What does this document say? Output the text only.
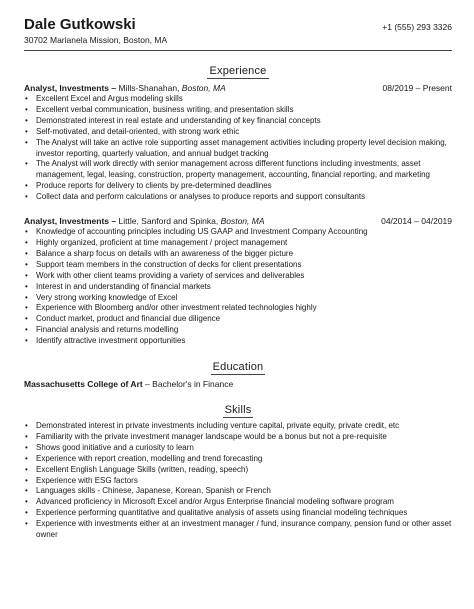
Dale Gutkowski	+1 (555) 293 3326
30702 Marianela Mission, Boston, MA
Experience
Analyst, Investments – Mills-Shanahan, Boston, MA	08/2019 – Present
• Excellent Excel and Argus modeling skills
• Excellent verbal communication, business writing, and presentation skills
• Demonstrated interest in real estate and understanding of key financial concepts
• Self-motivated, and detail-oriented, with strong work ethic
• The Analyst will take an active role supporting asset management activities including property level decision making, investor reporting, quarterly valuation, and annual budget tracking
• The Analyst will work directly with senior management across different functions including investments, asset management, legal, leasing, construction, property management, accounting, financial reporting, and marketing
• Produce reports for delivery to clients by pre-determined deadlines
• Collect data and perform calculations or analyses to produce reports and support consultants
Analyst, Investments – Little, Sanford and Spinka, Boston, MA	04/2014 – 04/2019
• Knowledge of accounting principles including US GAAP and Investment Company Accounting
• Highly organized, proficient at time management / project management
• Balance a sharp focus on details with an awareness of the bigger picture
• Support team members in the construction of decks for client presentations
• Work with other client teams providing a variety of services and deliverables
• Interest in and understanding of financial markets
• Very strong working knowledge of Excel
• Experience with Bloomberg and/or other investment related technologies highly
• Conduct market, product and financial due diligence
• Financial analysis and returns modelling
• Identify attractive investment opportunities
Education
Massachusetts College of Art – Bachelor's in Finance
Skills
• Demonstrated interest in private investments including venture capital, private equity, private credit, etc
• Familiarity with the private investment manager landscape would be a bonus but not a pre-requisite
• Shows good initiative and a curiosity to learn
• Experience with report creation, modelling and trend forecasting
• Excellent English Language Skills (written, reading, speech)
• Experience with ESG factors
• Languages skills - Chinese, Japanese, Korean, Spanish or French
• Advanced proficiency in Microsoft Excel and/or Argus Enterprise financial modeling software program
• Experience performing quantitative and qualitative analysis of assets using financial modeling techniques
• Experience with investments either at an investment manager / fund, insurance company, pension fund or other asset owner
